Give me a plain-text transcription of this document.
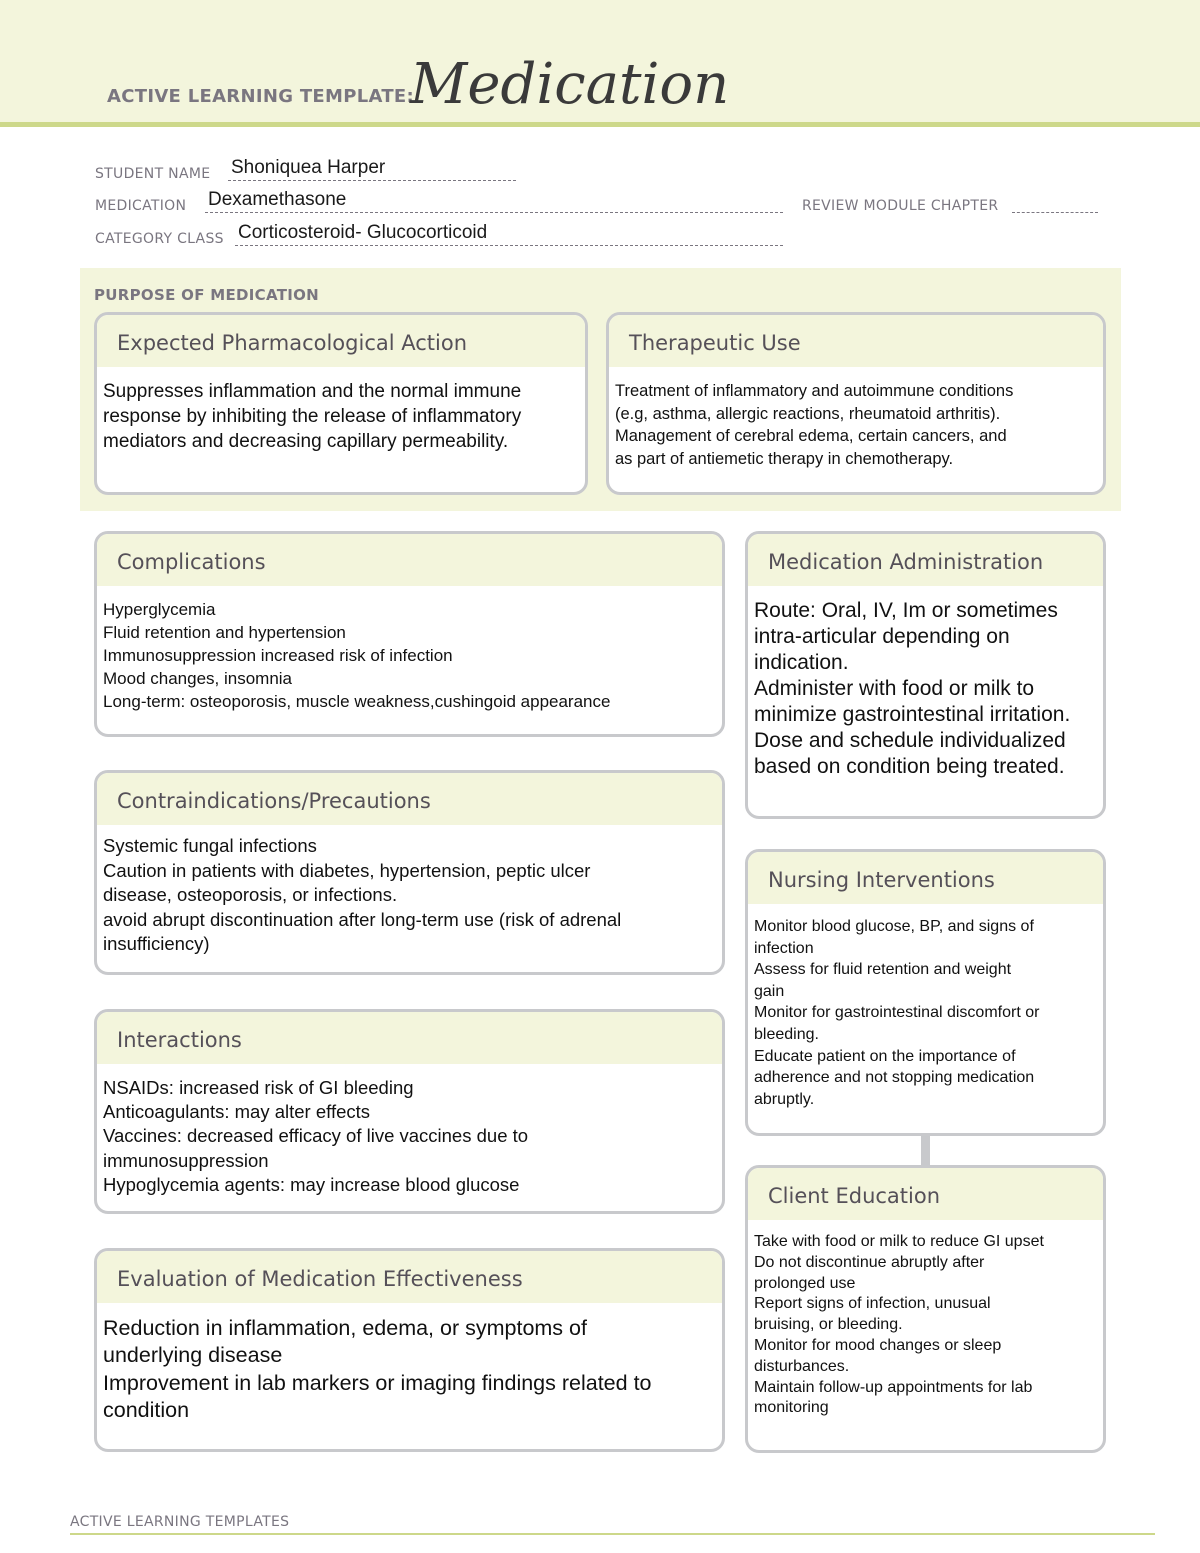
ACTIVE LEARNING TEMPLATE:
Medication
STUDENT NAME Shoniquea Harper
MEDICATION Dexamethasone	REVIEW MODULE CHAPTER
CATEGORY CLASS Corticosteroid- Glucocorticoid
PURPOSE OF MEDICATION
Expected Pharmacological Action
Suppresses inflammation and the normal immune
response by inhibiting the release of inflammatory
mediators and decreasing capillary permeability.
Therapeutic Use
Treatment of inflammatory and autoimmune conditions
(e.g, asthma, allergic reactions, rheumatoid arthritis).
Management of cerebral edema, certain cancers, and
as part of antiemetic therapy in chemotherapy.
Complications
Hyperglycemia
Fluid retention and hypertension
Immunosuppression increased risk of infection
Mood changes, insomnia
Long-term: osteoporosis, muscle weakness,cushingoid appearance
Medication Administration
Route: Oral, IV, Im or sometimes
intra-articular depending on
indication.
Administer with food or milk to
minimize gastrointestinal irritation.
Dose and schedule individualized
based on condition being treated.
Contraindications/Precautions
Systemic fungal infections
Caution in patients with diabetes, hypertension, peptic ulcer
disease, osteoporosis, or infections.
avoid abrupt discontinuation after long-term use (risk of adrenal
insufficiency)
Nursing Interventions
Monitor blood glucose, BP, and signs of
infection
Assess for fluid retention and weight
gain
Monitor for gastrointestinal discomfort or
bleeding.
Educate patient on the importance of
adherence and not stopping medication
abruptly.
Interactions
NSAIDs: increased risk of GI bleeding
Anticoagulants: may alter effects
Vaccines: decreased efficacy of live vaccines due to
immunosuppression
Hypoglycemia agents: may increase blood glucose	Client Education
Take with food or milk to reduce GI upset
Do not discontinue abruptly after
prolonged use
Report signs of infection, unusual
bruising, or bleeding.
Monitor for mood changes or sleep
disturbances.
Maintain follow-up appointments for lab
monitoring
Evaluation of Medication Effectiveness
Reduction in inflammation, edema, or symptoms of
underlying disease
Improvement in lab markers or imaging findings related to
condition
ACTIVE LEARNING TEMPLATES
